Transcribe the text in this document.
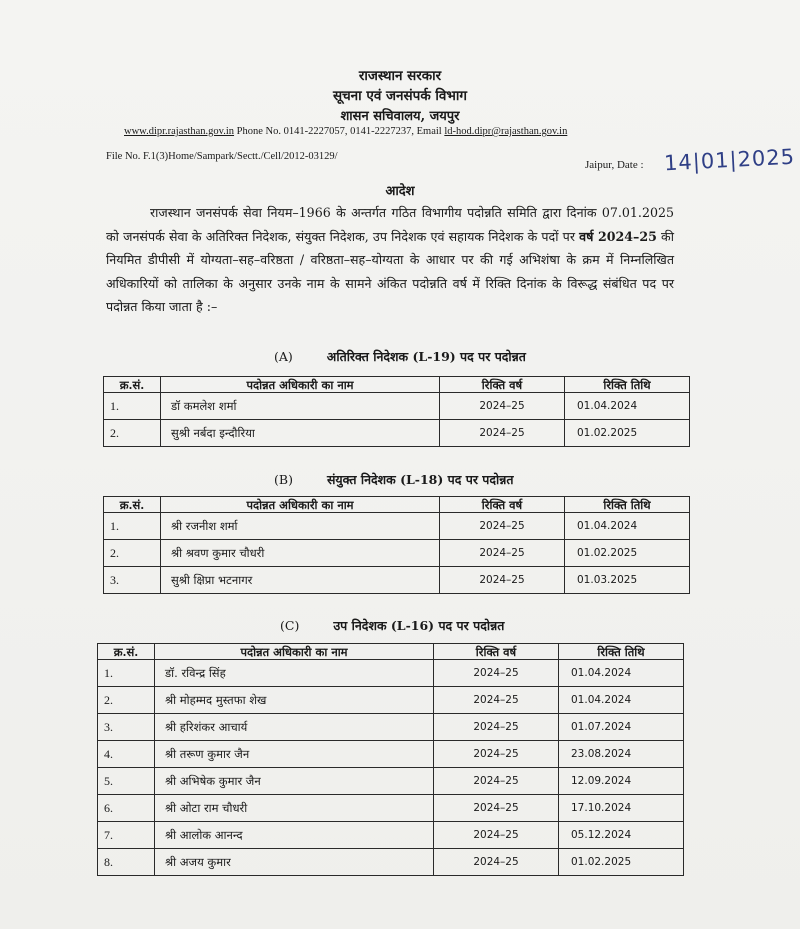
राजस्थान सरकार
सूचना एवं जनसंपर्क विभाग
शासन सचिवालय, जयपुर
www.dipr.rajasthan.gov.in Phone No. 0141-2227057, 0141-2227237, Email ld-hod.dipr@rajasthan.gov.in
File No. F.1(3)Home/Sampark/Sectt./Cell/2012-03129/
Jaipur, Date : 14|01|2025
आदेश
राजस्थान जनसंपर्क सेवा नियम–1966 के अन्तर्गत गठित विभागीय पदोन्नति समिति द्वारा दिनांक 07.01.2025 को जनसंपर्क सेवा के अतिरिक्त निदेशक, संयुक्त निदेशक, उप निदेशक एवं सहायक निदेशक के पदों पर वर्ष 2024–25 की नियमित डीपीसी में योग्यता–सह–वरिष्ठता / वरिष्ठता–सह–योग्यता के आधार पर की गई अभिशंषा के क्रम में निम्नलिखित अधिकारियों को तालिका के अनुसार उनके नाम के सामने अंकित पदोन्नति वर्ष में रिक्ति दिनांक के विरूद्ध संबंधित पद पर पदोन्नत किया जाता है :–
(A)	अतिरिक्त निदेशक (L-19) पद पर पदोन्नत
क्र.सं.	पदोन्नत अधिकारी का नाम	रिक्ति वर्ष	रिक्ति तिथि
1.	डॉ कमलेश शर्मा	2024–25	01.04.2024
2.	सुश्री नर्बदा इन्दौरिया	2024–25	01.02.2025
(B)	संयुक्त निदेशक (L-18) पद पर पदोन्नत
क्र.सं.	पदोन्नत अधिकारी का नाम	रिक्ति वर्ष	रिक्ति तिथि
1.	श्री रजनीश शर्मा	2024–25	01.04.2024
2.	श्री श्रवण कुमार चौधरी	2024–25	01.02.2025
3.	सुश्री क्षिप्रा भटनागर	2024–25	01.03.2025
(C)	उप निदेशक (L-16) पद पर पदोन्नत
क्र.सं.	पदोन्नत अधिकारी का नाम	रिक्ति वर्ष	रिक्ति तिथि
1.	डॉ. रविन्द्र सिंह	2024–25	01.04.2024
2.	श्री मोहम्मद मुस्तफा शेख	2024–25	01.04.2024
3.	श्री हरिशंकर आचार्य	2024–25	01.07.2024
4.	श्री तरूण कुमार जैन	2024–25	23.08.2024
5.	श्री अभिषेक कुमार जैन	2024–25	12.09.2024
6.	श्री ओटा राम चौधरी	2024–25	17.10.2024
7.	श्री आलोक आनन्द	2024–25	05.12.2024
8.	श्री अजय कुमार	2024–25	01.02.2025
